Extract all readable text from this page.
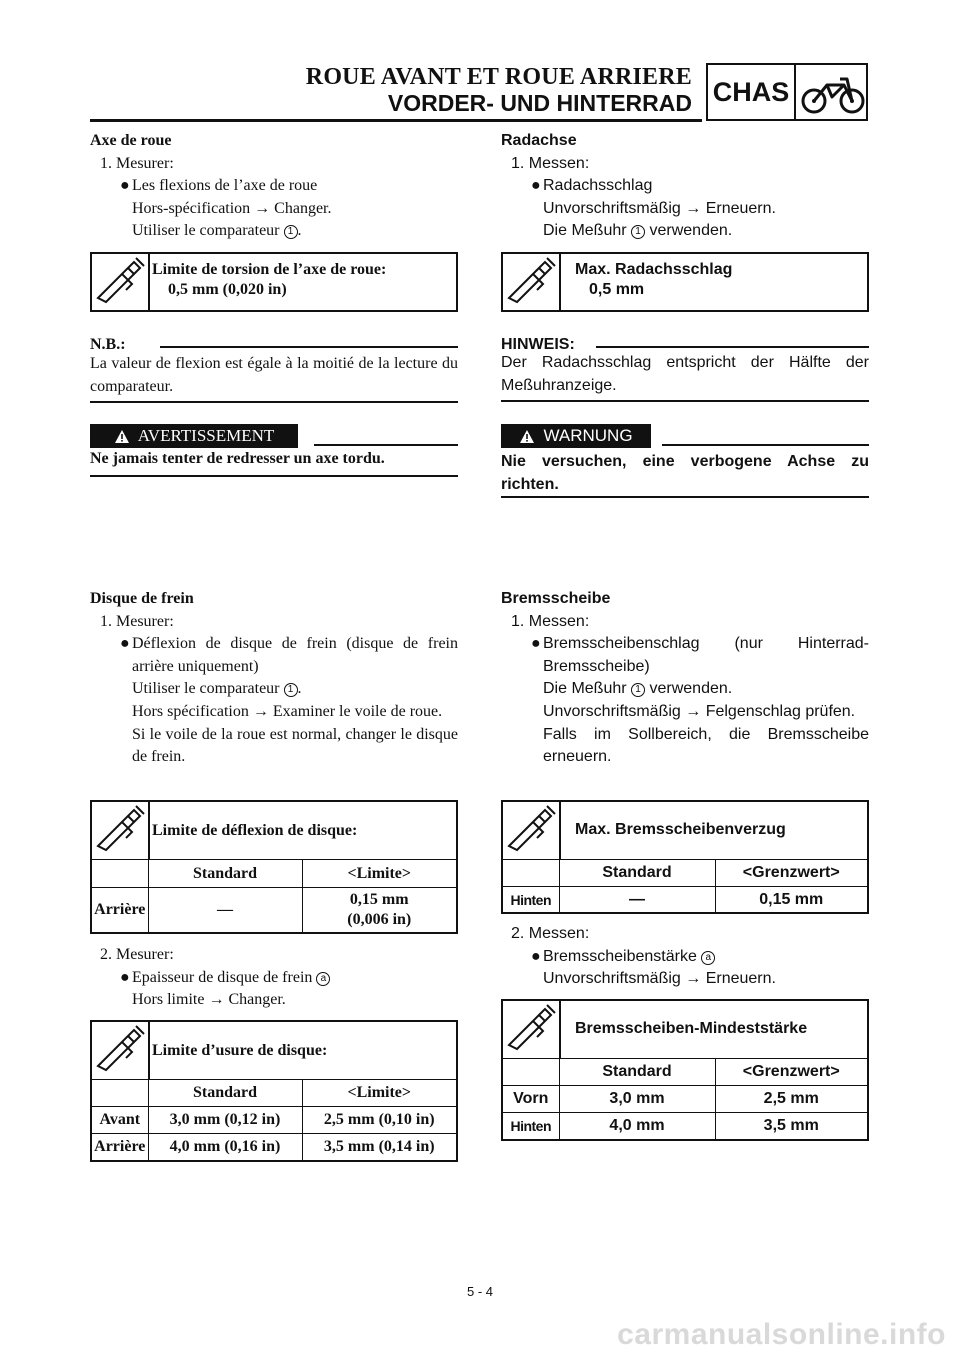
ROUE AVANT ET ROUE ARRIERE
VORDER- UND HINTERRAD CHAS
Axe de roue
1. Mesurer:
● Les flexions de l’axe de roue
Hors-spécification → Changer.
Utiliser le comparateur 1 .
Limite de torsion de l’axe de roue:
0,5 mm (0,020 in)
N.B.:
La valeur de flexion est égale à la moitié de la lecture du comparateur.
AVERTISSEMENT
Ne jamais tenter de redresser un axe tordu.
Disque de frein
1. Mesurer:
● Déflexion de disque de frein (disque de frein arrière uniquement)
Utiliser le comparateur 1 .
Hors spécification → Examiner le voile de roue.
Si le voile de la roue est normal, changer le disque de frein.
Limite de déflexion de disque:
	Standard	<Limite>
Arrière	—	0,15 mm
(0,006 in)
2. Mesurer:
● Epaisseur de disque de frein a
Hors limite → Changer.
Limite d’usure de disque:
	Standard	<Limite>
Avant	3,0 mm (0,12 in)	2,5 mm (0,10 in)
Arrière	4,0 mm (0,16 in)	3,5 mm (0,14 in)
Radachse
1. Messen:
● Radachsschlag
Unvorschriftsmäßig → Erneuern.
Die Meßuhr 1 verwenden.
Max. Radachsschlag
0,5 mm
HINWEIS:
Der Radachsschlag entspricht der Hälfte der Meßuhranzeige.
WARNUNG
Nie versuchen, eine verbogene Achse zu richten.
Bremsscheibe
1. Messen:
● Bremsscheibenschlag (nur Hinterrad-Bremsscheibe)
Die Meßuhr 1 verwenden.
Unvorschriftsmäßig → Felgenschlag prüfen.
Falls im Sollbereich, die Bremsscheibe erneuern.
Max. Bremsscheibenverzug
	Standard	<Grenzwert>
Hinten	—	0,15 mm
2. Messen:
● Bremsscheibenstärke a
Unvorschriftsmäßig → Erneuern.
Bremsscheiben-Mindeststärke
	Standard	<Grenzwert>
Vorn	3,0 mm	2,5 mm
Hinten	4,0 mm	3,5 mm
5 - 4
carmanualsonline.info
